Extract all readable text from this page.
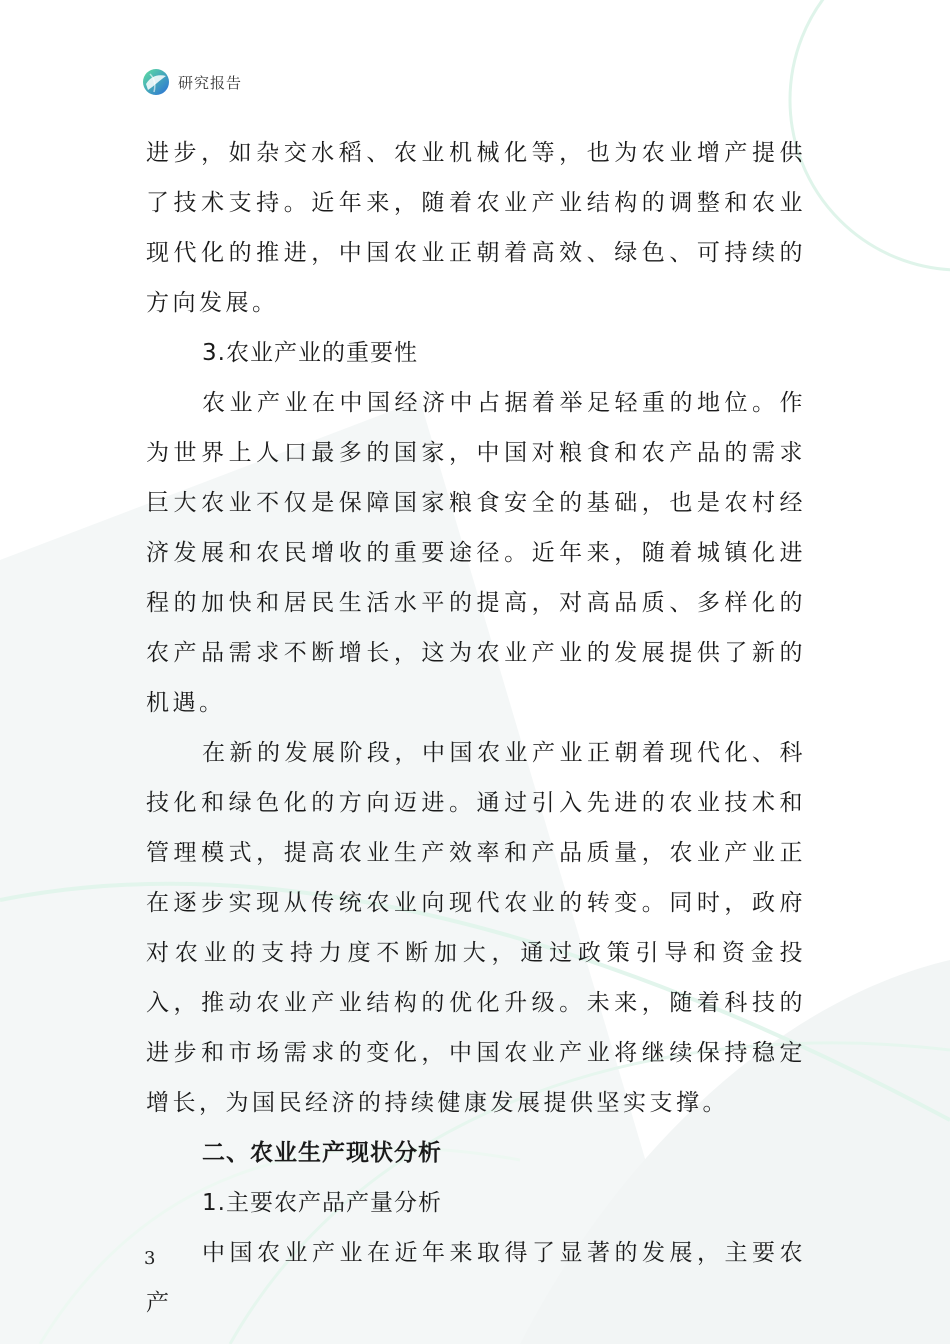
研究报告

进步，如杂交水稻、农业机械化等，也为农业增产提供了技术支持。近年来，随着农业产业结构的调整和农业现代化的推进，中国农业正朝着高效、绿色、可持续的方向发展。

3.农业产业的重要性

农业产业在中国经济中占据着举足轻重的地位。作为世界上人口最多的国家，中国对粮食和农产品的需求巨大农业不仅是保障国家粮食安全的基础，也是农村经济发展和农民增收的重要途径。近年来，随着城镇化进程的加快和居民生活水平的提高，对高品质、多样化的农产品需求不断增长，这为农业产业的发展提供了新的机遇。

在新的发展阶段，中国农业产业正朝着现代化、科技化和绿色化的方向迈进。通过引入先进的农业技术和管理模式，提高农业生产效率和产品质量，农业产业正在逐步实现从传统农业向现代农业的转变。同时，政府对农业的支持力度不断加大，通过政策引导和资金投入，推动农业产业结构的优化升级。未来，随着科技的进步和市场需求的变化，中国农业产业将继续保持稳定增长，为国民经济的持续健康发展提供坚实支撑。

二、农业生产现状分析

1.主要农产品产量分析

中国农业产业在近年来取得了显著的发展，主要农产

3
